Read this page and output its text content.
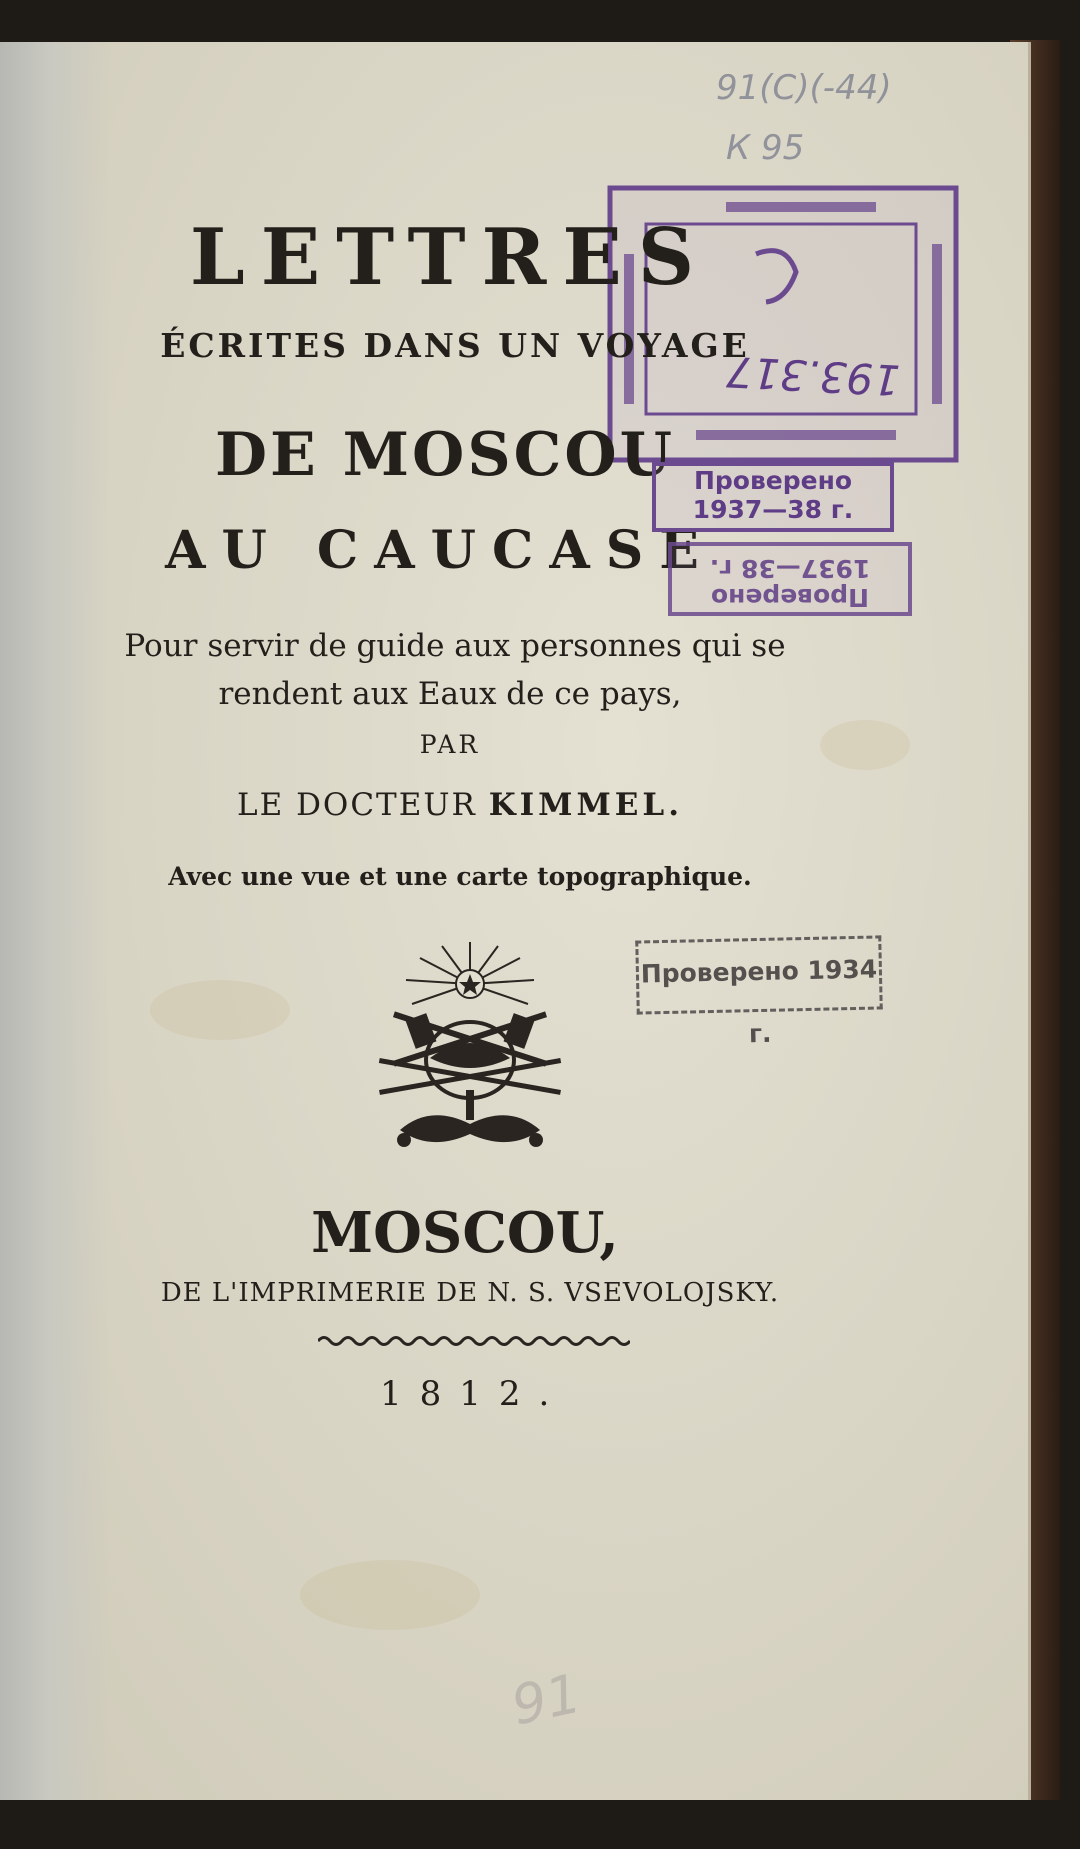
91(С)(-44)
К 95
193.317
LETTRES
ÉCRITES DANS UN VOYAGE
DE MOSCOU
AU CAUCASE
Проверено
1937—38 г.
Проверено
1937—38 г.
Pour servir de guide aux personnes qui se
rendent aux Eaux de ce pays,
PAR
LE DOCTEUR KIMMEL.
Avec une vue et une carte topographique.
Проверено 1934 г.
MOSCOU,
DE L'IMPRIMERIE DE N. S. VSEVOLOJSKY.
1812.
91
